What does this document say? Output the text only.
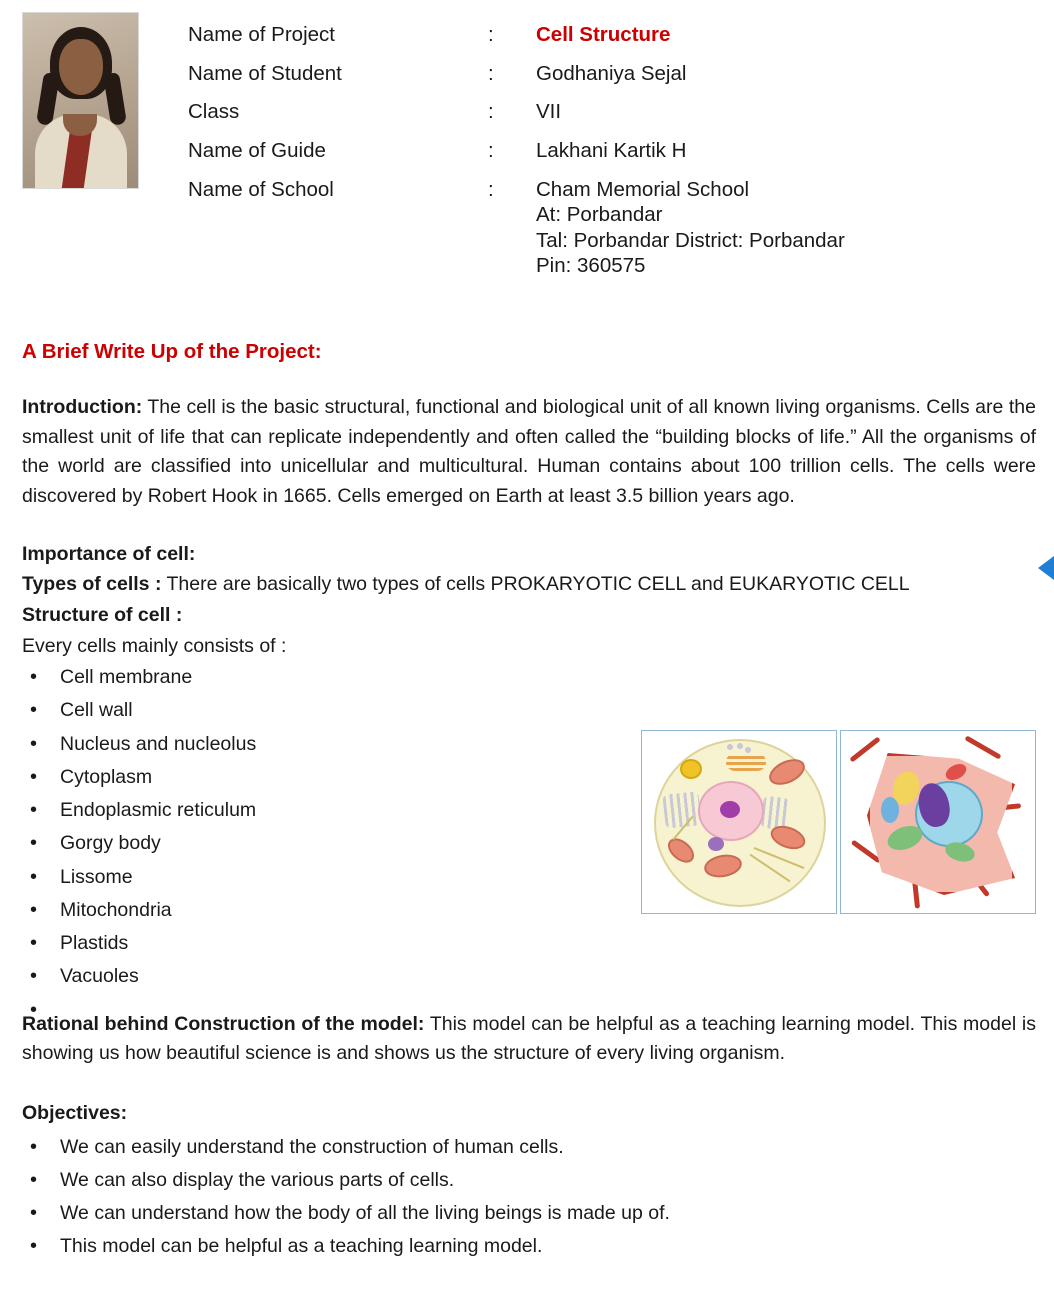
Name of Project	:	Cell Structure
Name of Student	:	Godhaniya Sejal
Class	:	VII
Name of Guide	:	Lakhani Kartik H
Name of School	:	Cham Memorial School
At: Porbandar
Tal: Porbandar District: Porbandar
Pin: 360575
A Brief Write Up of the Project:

Introduction: The cell is the basic structural, functional and biological unit of all known living organisms. Cells are the smallest unit of life that can replicate independently and often called the “building blocks of life.” All the organisms of the world are classified into unicellular and multicultural. Human contains about 100 trillion cells. The cells were discovered by Robert Hook in 1665. Cells emerged on Earth at least 3.5 billion years ago.

Importance of cell:
Types of cells : There are basically two types of cells PROKARYOTIC CELL and EUKARYOTIC CELL
Structure of cell :
Every cells mainly consists of :
• Cell membrane
• Cell wall
• Nucleus and nucleolus
• Cytoplasm
• Endoplasmic reticulum
• Gorgy body
• Lissome
• Mitochondria
• Plastids
• Vacuoles
•

Rational behind Construction of the model: This model can be helpful as a teaching learning model. This model is showing us how beautiful science is and shows us the structure of every living organism.

Objectives:
• We can easily understand the construction of human cells.
• We can also display the various parts of cells.
• We can understand how the body of all the living beings is made up of.
• This model can be helpful as a teaching learning model.
